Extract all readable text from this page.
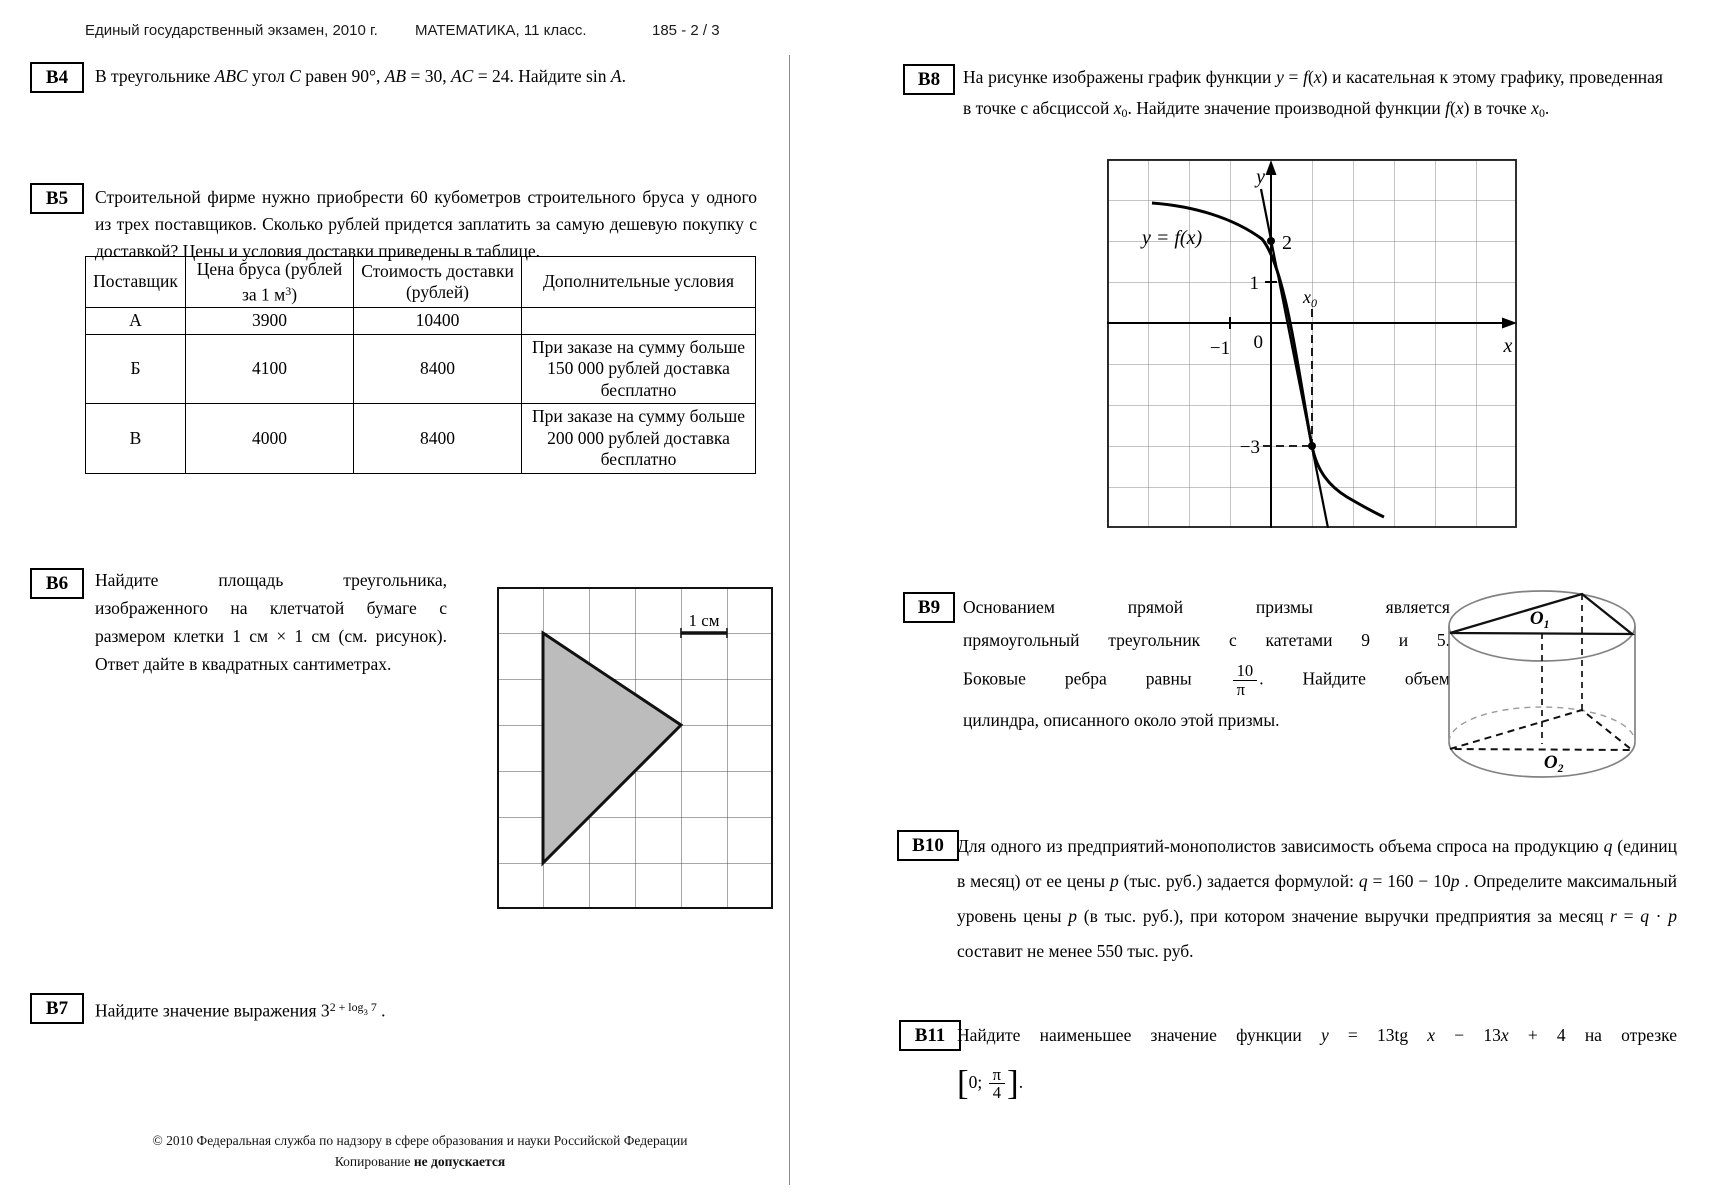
Единый государственный экзамен, 2010 г. МАТЕМАТИКА, 11 класс.	185 - 2 / 3
В4	В треугольнике ABC угол C равен 90°, AB = 30, AC = 24. Найдите sin A.
В5	Строительной фирме нужно приобрести 60 кубометров строительного бруса у одного из трех поставщиков. Сколько рублей придется заплатить за самую дешевую покупку с доставкой? Цены и условия доставки приведены в таблице.
Поставщик	Цена бруса (рублей за 1 $м^3$)	Стоимость доставки (рублей)	Дополнительные условия
А	3900	10400	
Б	4100	8400	При заказе на сумму больше 150 000 рублей доставка бесплатно
В	4000	8400	При заказе на сумму больше 200 000 рублей доставка бесплатно
В6	Найдите площадь треугольника,
изображенного на клетчатой бумаге с
размером клетки 1 см × 1 см (см. рисунок).
Ответ дайте в квадратных сантиметрах.
1 см
В7	Найдите значение выражения $3^{2 + log}3$ $^7$ .
© 2010 Федеральная служба по надзору в сфере образования и науки Российской Федерации
Копирование не допускается
В8	На рисунке изображены график функции y = f(x) и касательная к этому графику, проведенная в точке с абсциссой x0. Найдите значение производной функции f(x) в точке x0.
y
x
0
1
−1
2
−3
$x_0$
y = f(x)
В9	Основанием прямой призмы является
прямоугольный треугольник с катетами 9 и 5.
Боковые ребра равны $\frac{10}{\pi}$ . Найдите объем
цилиндра, описанного около этой призмы.
O₁
O₂
В10 Для одного из предприятий-монополистов зависимость объема спроса на продукцию q (единиц в месяц) от ее цены p (тыс. руб.) задается формулой: q = 160 − 10p . Определите максимальный уровень цены p (в тыс. руб.), при котором значение выручки предприятия за месяц r = q · p составит не менее 550 тыс. руб.
В11 Найдите наименьшее значение функции y = 13tg x − 13x + 4 на отрезке
[0; $\frac{\pi}{4}$ ].
